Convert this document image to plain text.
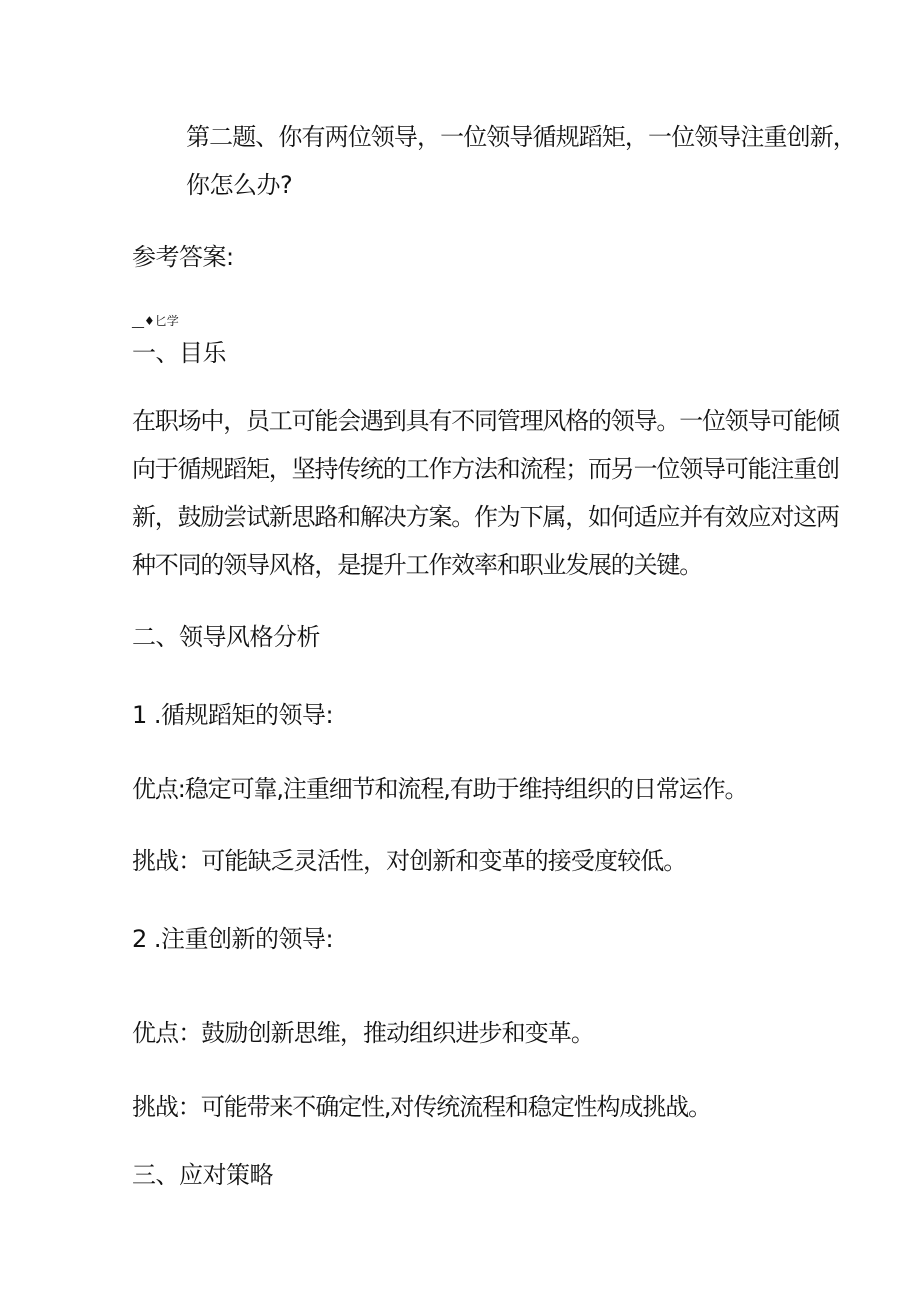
第二题、你有两位领导，一位领导循规蹈矩，一位领导注重创新，
你怎么办?
参考答案:
__♦匕学
一、目乐
在职场中，员工可能会遇到具有不同管理风格的领导。一位领导可能倾
向于循规蹈矩，坚持传统的工作方法和流程；而另一位领导可能注重创
新，鼓励尝试新思路和解决方案。作为下属，如何适应并有效应对这两
种不同的领导风格，是提升工作效率和职业发展的关键。
二、领导风格分析
1 .循规蹈矩的领导:
优点:稳定可靠,注重细节和流程,有助于维持组织的日常运作。
挑战：可能缺乏灵活性，对创新和变革的接受度较低。
2 .注重创新的领导:
优点：鼓励创新思维，推动组织进步和变革。
挑战：可能带来不确定性,对传统流程和稳定性构成挑战。
三、应对策略
